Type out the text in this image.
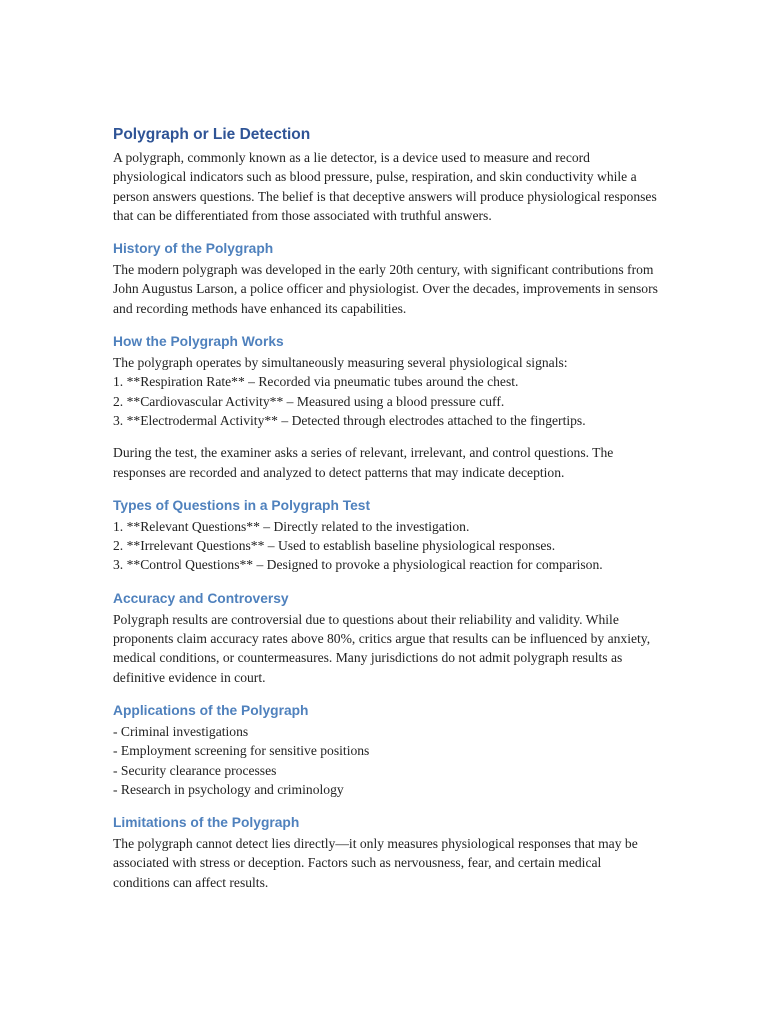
Polygraph or Lie Detection

A polygraph, commonly known as a lie detector, is a device used to measure and record physiological indicators such as blood pressure, pulse, respiration, and skin conductivity while a person answers questions. The belief is that deceptive answers will produce physiological responses that can be differentiated from those associated with truthful answers.

History of the Polygraph

The modern polygraph was developed in the early 20th century, with significant contributions from John Augustus Larson, a police officer and physiologist. Over the decades, improvements in sensors and recording methods have enhanced its capabilities.

How the Polygraph Works

The polygraph operates by simultaneously measuring several physiological signals:
1. **Respiration Rate** – Recorded via pneumatic tubes around the chest.
2. **Cardiovascular Activity** – Measured using a blood pressure cuff.
3. **Electrodermal Activity** – Detected through electrodes attached to the fingertips.

During the test, the examiner asks a series of relevant, irrelevant, and control questions. The responses are recorded and analyzed to detect patterns that may indicate deception.

Types of Questions in a Polygraph Test

1. **Relevant Questions** – Directly related to the investigation.
2. **Irrelevant Questions** – Used to establish baseline physiological responses.
3. **Control Questions** – Designed to provoke a physiological reaction for comparison.

Accuracy and Controversy

Polygraph results are controversial due to questions about their reliability and validity. While proponents claim accuracy rates above 80%, critics argue that results can be influenced by anxiety, medical conditions, or countermeasures. Many jurisdictions do not admit polygraph results as definitive evidence in court.

Applications of the Polygraph

- Criminal investigations
- Employment screening for sensitive positions
- Security clearance processes
- Research in psychology and criminology

Limitations of the Polygraph

The polygraph cannot detect lies directly—it only measures physiological responses that may be associated with stress or deception. Factors such as nervousness, fear, and certain medical conditions can affect results.
